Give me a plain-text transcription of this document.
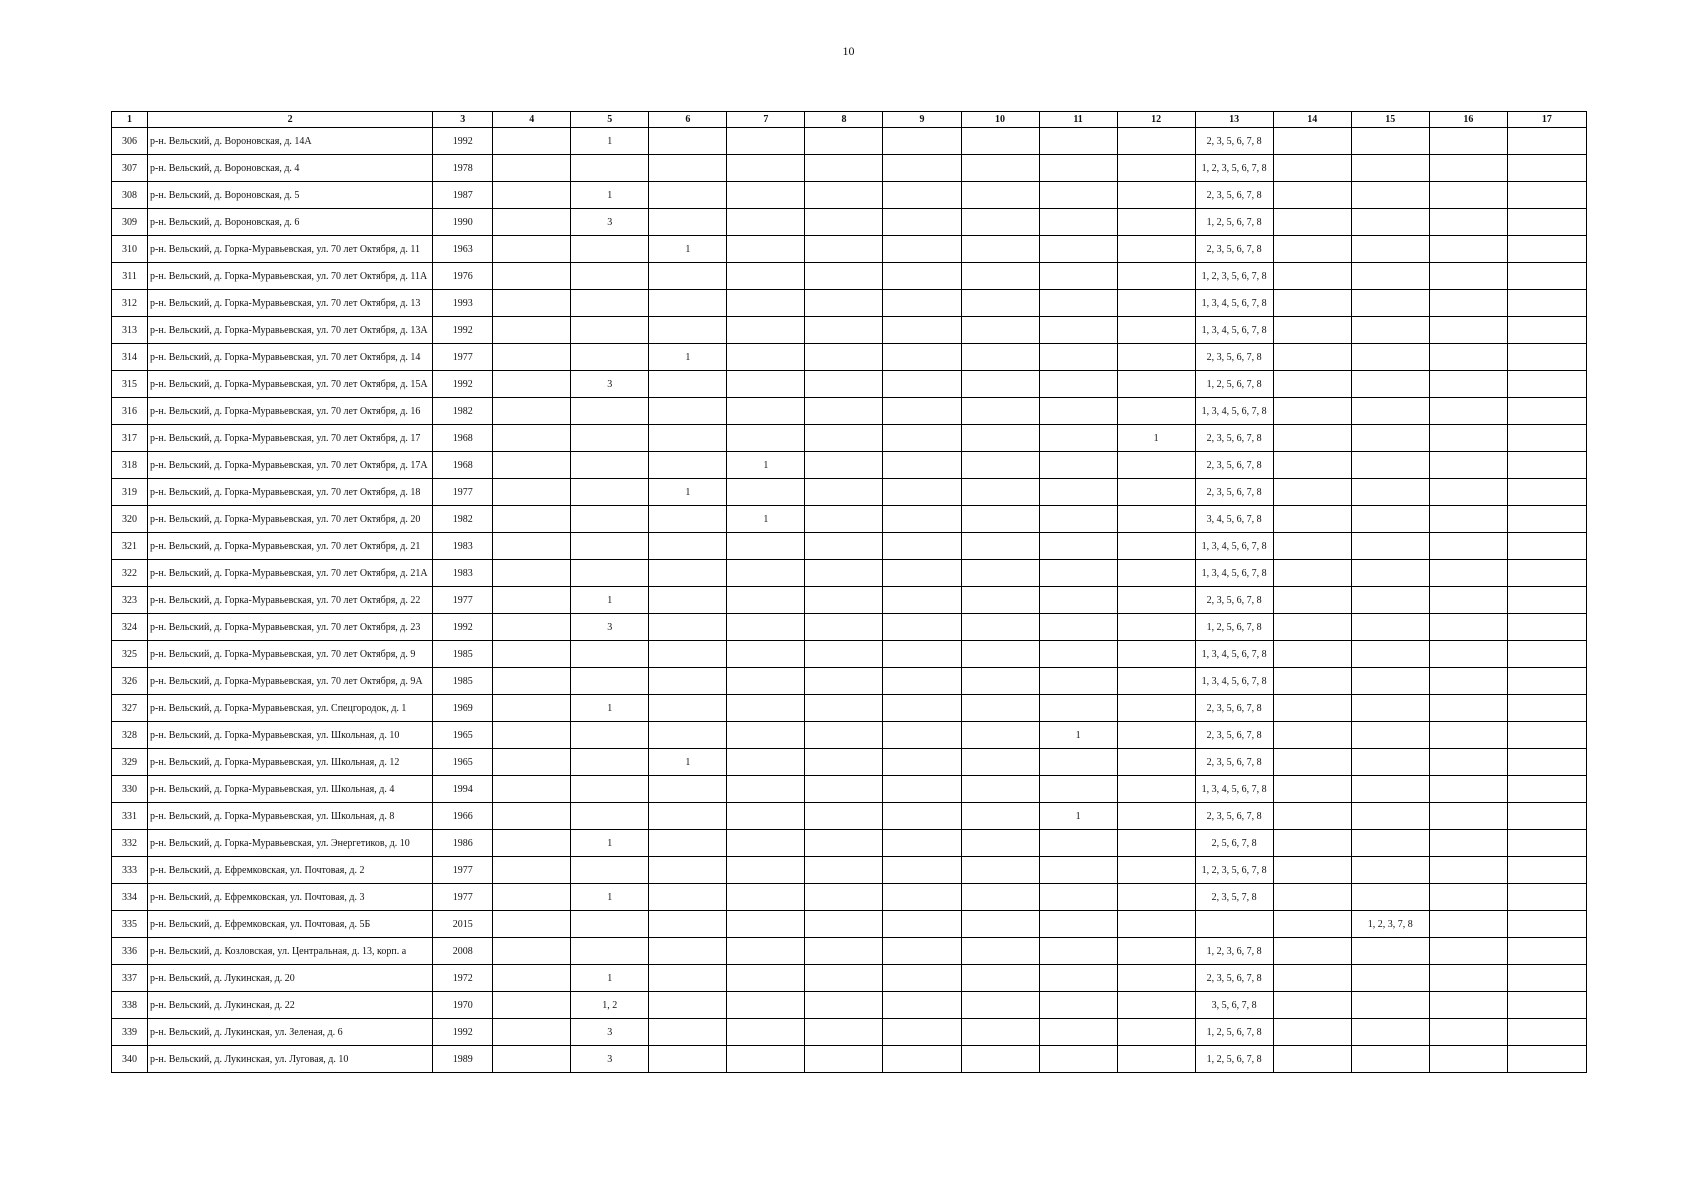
10
1	2	3	4	5	6	7	8	9	10	11	12	13	14	15	16	17
306	р-н. Вельский, д. Вороновская, д. 14А	1992		1								2, 3, 5, 6, 7, 8				
307	р-н. Вельский, д. Вороновская, д. 4	1978										1, 2, 3, 5, 6, 7, 8				
308	р-н. Вельский, д. Вороновская, д. 5	1987		1								2, 3, 5, 6, 7, 8				
309	р-н. Вельский, д. Вороновская, д. 6	1990		3								1, 2, 5, 6, 7, 8				
310	р-н. Вельский, д. Горка-Муравьевская, ул. 70 лет Октября, д. 11	1963			1							2, 3, 5, 6, 7, 8				
311	р-н. Вельский, д. Горка-Муравьевская, ул. 70 лет Октября, д. 11А	1976										1, 2, 3, 5, 6, 7, 8				
312	р-н. Вельский, д. Горка-Муравьевская, ул. 70 лет Октября, д. 13	1993										1, 3, 4, 5, 6, 7, 8				
313	р-н. Вельский, д. Горка-Муравьевская, ул. 70 лет Октября, д. 13А	1992										1, 3, 4, 5, 6, 7, 8				
314	р-н. Вельский, д. Горка-Муравьевская, ул. 70 лет Октября, д. 14	1977			1							2, 3, 5, 6, 7, 8				
315	р-н. Вельский, д. Горка-Муравьевская, ул. 70 лет Октября, д. 15А	1992		3								1, 2, 5, 6, 7, 8				
316	р-н. Вельский, д. Горка-Муравьевская, ул. 70 лет Октября, д. 16	1982										1, 3, 4, 5, 6, 7, 8				
317	р-н. Вельский, д. Горка-Муравьевская, ул. 70 лет Октября, д. 17	1968									1	2, 3, 5, 6, 7, 8				
318	р-н. Вельский, д. Горка-Муравьевская, ул. 70 лет Октября, д. 17А	1968				1						2, 3, 5, 6, 7, 8				
319	р-н. Вельский, д. Горка-Муравьевская, ул. 70 лет Октября, д. 18	1977			1							2, 3, 5, 6, 7, 8				
320	р-н. Вельский, д. Горка-Муравьевская, ул. 70 лет Октября, д. 20	1982				1						3, 4, 5, 6, 7, 8				
321	р-н. Вельский, д. Горка-Муравьевская, ул. 70 лет Октября, д. 21	1983										1, 3, 4, 5, 6, 7, 8				
322	р-н. Вельский, д. Горка-Муравьевская, ул. 70 лет Октября, д. 21А	1983										1, 3, 4, 5, 6, 7, 8				
323	р-н. Вельский, д. Горка-Муравьевская, ул. 70 лет Октября, д. 22	1977		1								2, 3, 5, 6, 7, 8				
324	р-н. Вельский, д. Горка-Муравьевская, ул. 70 лет Октября, д. 23	1992		3								1, 2, 5, 6, 7, 8				
325	р-н. Вельский, д. Горка-Муравьевская, ул. 70 лет Октября, д. 9	1985										1, 3, 4, 5, 6, 7, 8				
326	р-н. Вельский, д. Горка-Муравьевская, ул. 70 лет Октября, д. 9А	1985										1, 3, 4, 5, 6, 7, 8				
327	р-н. Вельский, д. Горка-Муравьевская, ул. Спецгородок, д. 1	1969		1								2, 3, 5, 6, 7, 8				
328	р-н. Вельский, д. Горка-Муравьевская, ул. Школьная, д. 10	1965								1		2, 3, 5, 6, 7, 8				
329	р-н. Вельский, д. Горка-Муравьевская, ул. Школьная, д. 12	1965			1							2, 3, 5, 6, 7, 8				
330	р-н. Вельский, д. Горка-Муравьевская, ул. Школьная, д. 4	1994										1, 3, 4, 5, 6, 7, 8				
331	р-н. Вельский, д. Горка-Муравьевская, ул. Школьная, д. 8	1966								1		2, 3, 5, 6, 7, 8				
332	р-н. Вельский, д. Горка-Муравьевская, ул. Энергетиков, д. 10	1986		1								2, 5, 6, 7, 8				
333	р-н. Вельский, д. Ефремковская, ул. Почтовая, д. 2	1977										1, 2, 3, 5, 6, 7, 8				
334	р-н. Вельский, д. Ефремковская, ул. Почтовая, д. 3	1977		1								2, 3, 5, 7, 8				
335	р-н. Вельский, д. Ефремковская, ул. Почтовая, д. 5Б	2015												1, 2, 3, 7, 8		
336	р-н. Вельский, д. Козловская, ул. Центральная, д. 13, корп. а	2008										1, 2, 3, 6, 7, 8				
337	р-н. Вельский, д. Лукинская, д. 20	1972		1								2, 3, 5, 6, 7, 8				
338	р-н. Вельский, д. Лукинская, д. 22	1970		1, 2								3, 5, 6, 7, 8				
339	р-н. Вельский, д. Лукинская, ул. Зеленая, д. 6	1992		3								1, 2, 5, 6, 7, 8				
340	р-н. Вельский, д. Лукинская, ул. Луговая, д. 10	1989		3								1, 2, 5, 6, 7, 8				
